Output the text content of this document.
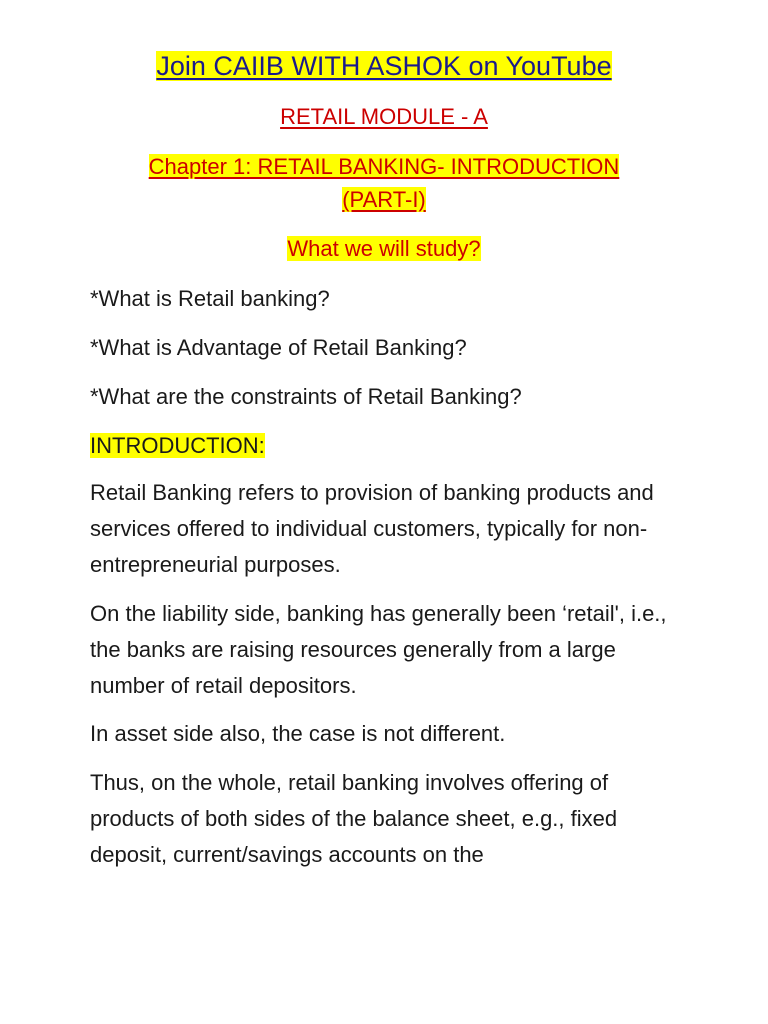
Join CAIIB WITH ASHOK on YouTube

RETAIL MODULE - A

Chapter 1: RETAIL BANKING- INTRODUCTION (PART-I)

What we will study?

*What is Retail banking?

*What is Advantage of Retail Banking?

*What are the constraints of Retail Banking?

INTRODUCTION:

Retail Banking refers to provision of banking products and services offered to individual customers, typically for non-entrepreneurial purposes.

On the liability side, banking has generally been ‘retail', i.e., the banks are raising resources generally from a large number of retail depositors.

In asset side also, the case is not different.

Thus, on the whole, retail banking involves offering of products of both sides of the balance sheet, e.g., fixed deposit, current/savings accounts on the
